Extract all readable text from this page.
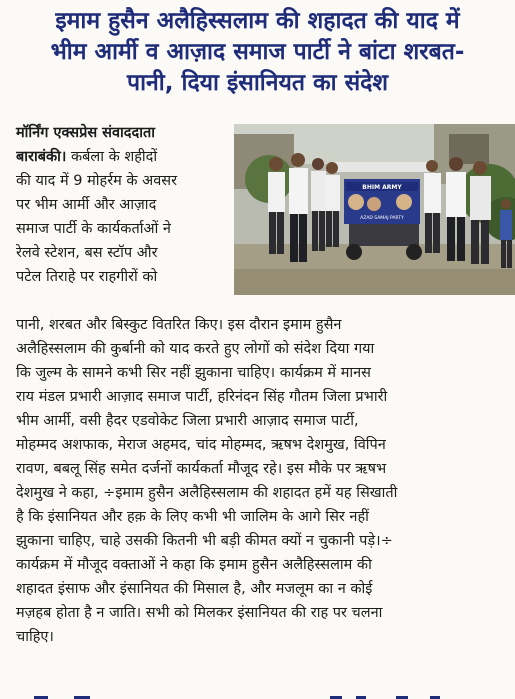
इमाम हुसैन अलैहिस्सलाम की शहादत की याद में
भीम आर्मी व आज़ाद समाज पार्टी ने बांटा शरबत-
पानी, दिया इंसानियत का संदेश
मॉर्निंग एक्सप्रेस संवाददाता
बाराबंकी। कर्बला के शहीदों
की याद में 9 मोहर्रम के अवसर
पर भीम आर्मी और आज़ाद
समाज पार्टी के कार्यकर्ताओं ने
रेलवे स्टेशन, बस स्टॉप और
पटेल तिराहे पर राहगीरों को
BHIM ARMY
AZAD SAMAJ PARTY
पानी, शरबत और बिस्कुट वितरित किए। इस दौरान इमाम हुसैन
अलैहिस्सलाम की कुर्बानी को याद करते हुए लोगों को संदेश दिया गया
कि जुल्म के सामने कभी सिर नहीं झुकाना चाहिए। कार्यक्रम में मानस
राय मंडल प्रभारी आज़ाद समाज पार्टी, हरिनंदन सिंह गौतम जिला प्रभारी
भीम आर्मी, वसी हैदर एडवोकेट जिला प्रभारी आज़ाद समाज पार्टी,
मोहम्मद अशफाक, मेराज अहमद, चांद मोहम्मद, ऋषभ देशमुख, विपिन
रावण, बबलू सिंह समेत दर्जनों कार्यकर्ता मौजूद रहे। इस मौके पर ऋषभ
देशमुख ने कहा, ÷इमाम हुसैन अलैहिस्सलाम की शहादत हमें यह सिखाती
है कि इंसानियत और हक़ के लिए कभी भी जालिम के आगे सिर नहीं
झुकाना चाहिए, चाहे उसकी कितनी भी बड़ी कीमत क्यों न चुकानी पड़े।÷
कार्यक्रम में मौजूद वक्ताओं ने कहा कि इमाम हुसैन अलैहिस्सलाम की
शहादत इंसाफ और इंसानियत की मिसाल है, और मजलूम का न कोई
मज़हब होता है न जाति। सभी को मिलकर इंसानियत की राह पर चलना
चाहिए।
